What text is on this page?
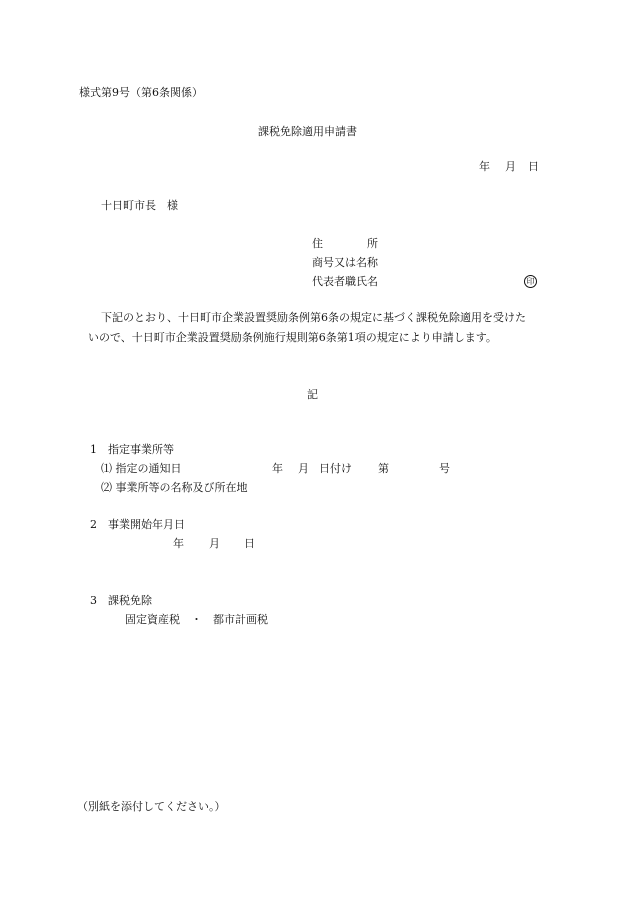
様式第9号（第6条関係）
課税免除適用申請書
年 月 日
十日町市長　様
住　　　　所
商号又は名称
代表者職氏名	印
下記のとおり、十日町市企業設置奨励条例第6条の規定に基づく課税免除適用を受けた
いので、十日町市企業設置奨励条例施行規則第6条第1項の規定により申請します。
記
1　指定事業所等
⑴ 指定の通知日	年 月 日付け 第	号
⑵ 事業所等の名称及び所在地
2　事業開始年月日
年 月 日
3　課税免除
固定資産税　・　都市計画税
（別紙を添付してください。）
